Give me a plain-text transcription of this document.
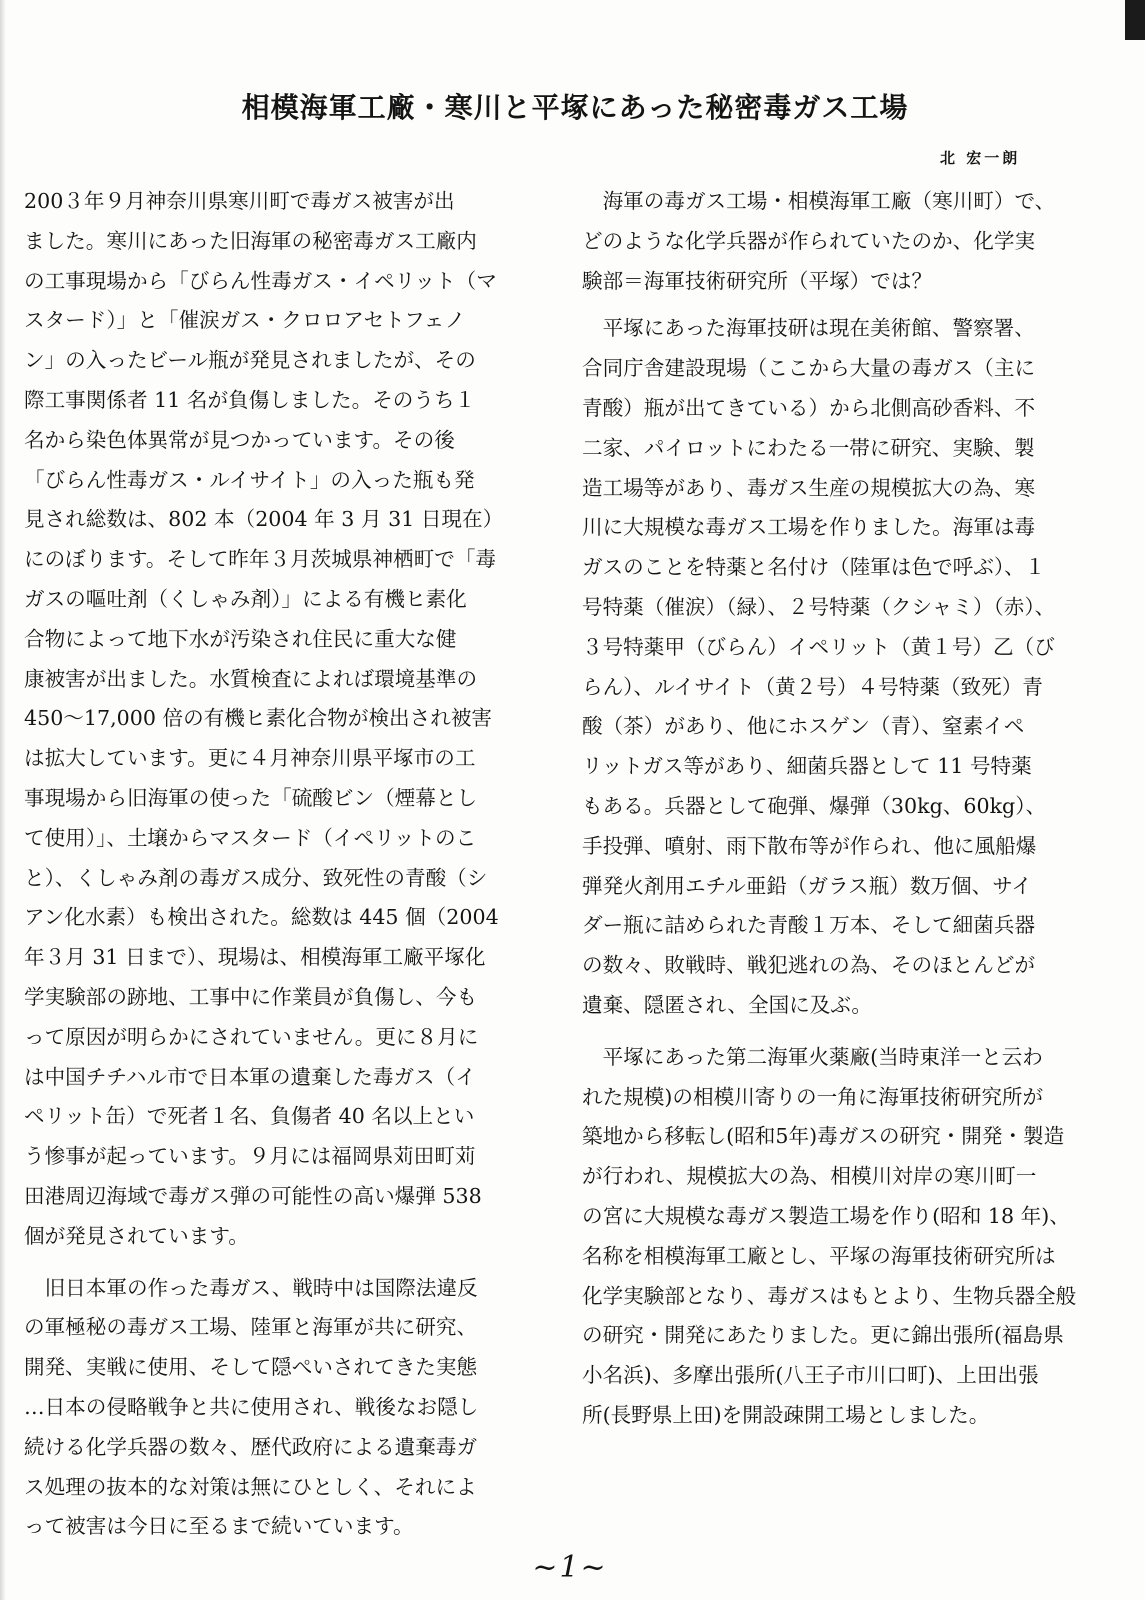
相模海軍工廠・寒川と平塚にあった秘密毒ガス工場
北 宏一朗
200３年９月神奈川県寒川町で毒ガス被害が出
ました。寒川にあった旧海軍の秘密毒ガス工廠内
の工事現場から「びらん性毒ガス・イペリット（マ
スタード）」と「催涙ガス・クロロアセトフェノ
ン」の入ったビール瓶が発見されましたが、その
際工事関係者 11 名が負傷しました。そのうち１
名から染色体異常が見つかっています。その後
「びらん性毒ガス・ルイサイト」の入った瓶も発
見され総数は、802 本（2004 年 3 月 31 日現在）
にのぼります。そして昨年３月茨城県神栖町で「毒
ガスの嘔吐剤（くしゃみ剤）」による有機ヒ素化
合物によって地下水が汚染され住民に重大な健
康被害が出ました。水質検査によれば環境基準の
450～17,000 倍の有機ヒ素化合物が検出され被害
は拡大しています。更に４月神奈川県平塚市の工
事現場から旧海軍の使った「硫酸ビン（煙幕とし
て使用）」、土壌からマスタード（イペリットのこ
と）、くしゃみ剤の毒ガス成分、致死性の青酸（シ
アン化水素）も検出された。総数は 445 個（2004
年３月 31 日まで）、現場は、相模海軍工廠平塚化
学実験部の跡地、工事中に作業員が負傷し、今も
って原因が明らかにされていません。更に８月に
は中国チチハル市で日本軍の遺棄した毒ガス（イ
ペリット缶）で死者１名、負傷者 40 名以上とい
う惨事が起っています。９月には福岡県苅田町苅
田港周辺海域で毒ガス弾の可能性の高い爆弾 538
個が発見されています。
　旧日本軍の作った毒ガス、戦時中は国際法違反
の軍極秘の毒ガス工場、陸軍と海軍が共に研究、
開発、実戦に使用、そして隠ぺいされてきた実態
…日本の侵略戦争と共に使用され、戦後なお隠し
続ける化学兵器の数々、歴代政府による遺棄毒ガ
ス処理の抜本的な対策は無にひとしく、それによ
って被害は今日に至るまで続いています。
　海軍の毒ガス工場・相模海軍工廠（寒川町）で、
どのような化学兵器が作られていたのか、化学実
験部＝海軍技術研究所（平塚）では？
　平塚にあった海軍技研は現在美術館、警察署、
合同庁舎建設現場（ここから大量の毒ガス（主に
青酸）瓶が出てきている）から北側高砂香料、不
二家、パイロットにわたる一帯に研究、実験、製
造工場等があり、毒ガス生産の規模拡大の為、寒
川に大規模な毒ガス工場を作りました。海軍は毒
ガスのことを特薬と名付け（陸軍は色で呼ぶ）、１
号特薬（催涙）（緑）、２号特薬（クシャミ）（赤）、
３号特薬甲（びらん）イペリット（黄１号）乙（び
らん）、ルイサイト（黄２号）４号特薬（致死）青
酸（茶）があり、他にホスゲン（青）、窒素イペ
リットガス等があり、細菌兵器として 11 号特薬
もある。兵器として砲弾、爆弾（30kg、60kg）、
手投弾、噴射、雨下散布等が作られ、他に風船爆
弾発火剤用エチル亜鉛（ガラス瓶）数万個、サイ
ダー瓶に詰められた青酸１万本、そして細菌兵器
の数々、敗戦時、戦犯逃れの為、そのほとんどが
遺棄、隠匿され、全国に及ぶ。
　平塚にあった第二海軍火薬廠(当時東洋一と云わ
れた規模)の相模川寄りの一角に海軍技術研究所が
築地から移転し(昭和5年)毒ガスの研究・開発・製造
が行われ、規模拡大の為、相模川対岸の寒川町一
の宮に大規模な毒ガス製造工場を作り(昭和 18 年)、
名称を相模海軍工廠とし、平塚の海軍技術研究所は
化学実験部となり、毒ガスはもとより、生物兵器全般
の研究・開発にあたりました。更に錦出張所(福島県
小名浜)、多摩出張所(八王子市川口町)、上田出張
所(長野県上田)を開設疎開工場としました。
~1~
